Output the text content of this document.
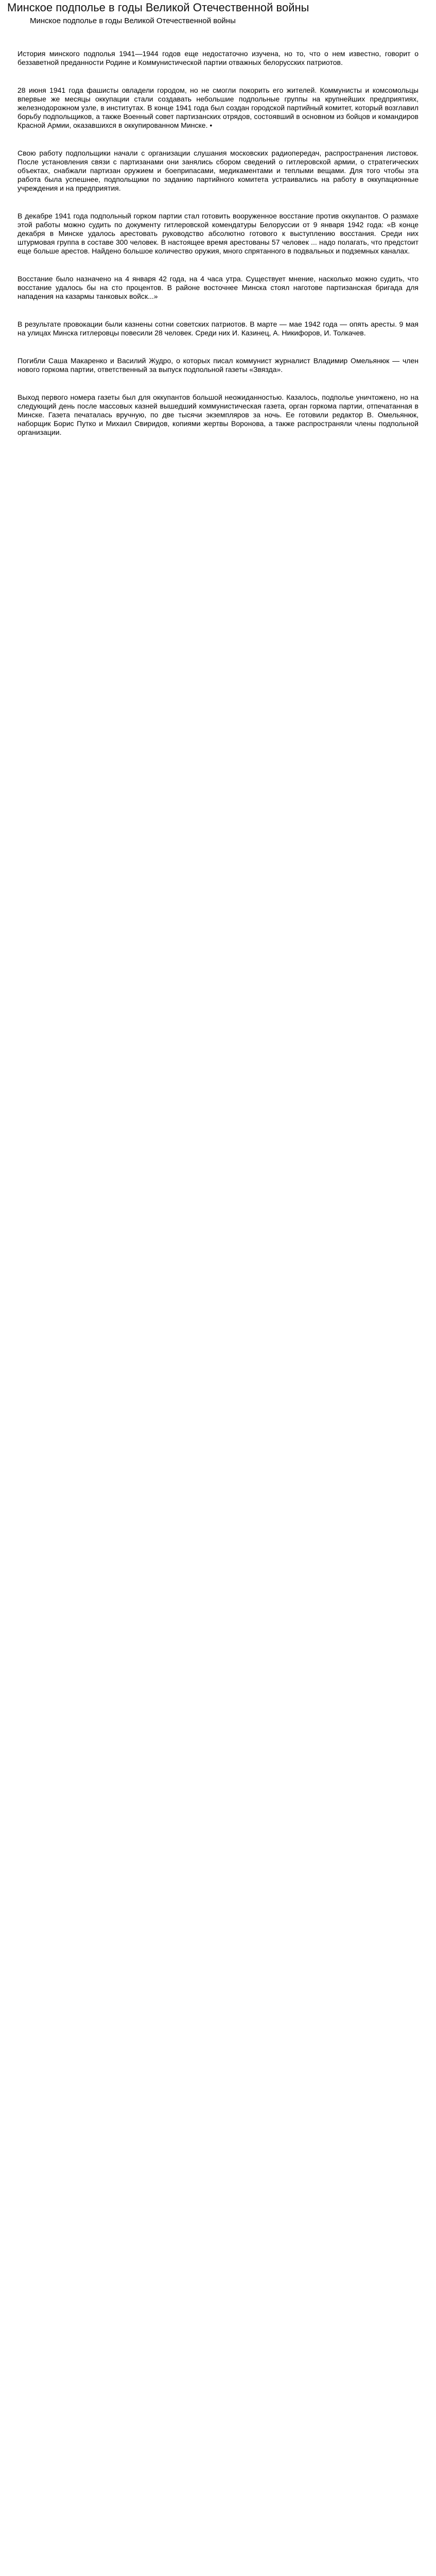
Минское подполье в годы Великой Отечественной войны
Минское подполье в годы Великой Отечественной войны

История минского подполья 1941—1944 годов еще недостаточно изучена, но то, что о нем известно, говорит о беззаветной преданности Родине и Коммунистической партии отважных белорусских патриотов.

28 июня 1941 года фашисты овладели городом, но не смогли покорить его жителей. Коммунисты и комсомольцы впервые же месяцы оккупации стали создавать небольшие подпольные группы на крупнейших предприятиях, железнодорожном узле, в институтах. В конце 1941 года был создан городской партийный комитет, который возглавил борьбу подпольщиков, а также Военный совет партизанских отрядов, состоявший в основном из бойцов и командиров Красной Армии, оказавшихся в оккупированном Минске. •

Свою работу подпольщики начали с организации слушания московских радиопередач, распространения листовок. После установления связи с партизанами они занялись сбором сведений о гитлеровской армии, о стратегических объектах, снабжали партизан оружием и боеприпасами, медикаментами и теплыми вещами. Для того чтобы эта работа была успешнее, подпольщики по заданию партийного комитета устраивались на работу в оккупационные учреждения и на предприятия.

В декабре 1941 года подпольный горком партии стал готовить вооруженное восстание против оккупантов. О размахе этой работы можно судить по документу гитлеровской комендатуры Белоруссии от 9 января 1942 года: «В конце декабря в Минске удалось арестовать руководство абсолютно готового к выступлению восстания. Среди них штурмовая группа в составе 300 человек. В настоящее время арестованы 57 человек ... надо полагать, что предстоит еще больше арестов. Найдено большое количество оружия, много спрятанного в подвальных и подземных каналах.

Восстание было назначено на 4 января 42 года, на 4 часа утра. Существует мнение, насколько можно судить, что восстание удалось бы на сто процентов. В районе восточнее Минска стоял наготове партизанская бригада для нападения на казармы танковых войск...»

В результате провокации были казнены сотни советских патриотов. В марте — мае 1942 года — опять аресты. 9 мая на улицах Минска гитлеровцы повесили 28 человек. Среди них И. Казинец, А. Никифоров, И. Толкачев.

Погибли Саша Макаренко и Василий Жудро, о которых писал коммунист журналист Владимир Омельянюк — член нового горкома партии, ответственный за выпуск подпольной газеты «Звязда».

Выход первого номера газеты был для оккупантов большой неожиданностью. Казалось, подполье уничтожено, но на следующий день после массовых казней вышедший коммунистическая газета, орган горкома партии, отпечатанная в Минске. Газета печаталась вручную, по две тысячи экземпляров за ночь. Ее готовили редактор В. Омельянюк, наборщик Борис Путко и Михаил Свиридов, копиями жертвы Воронова, а также распространяли члены подпольной организации.
